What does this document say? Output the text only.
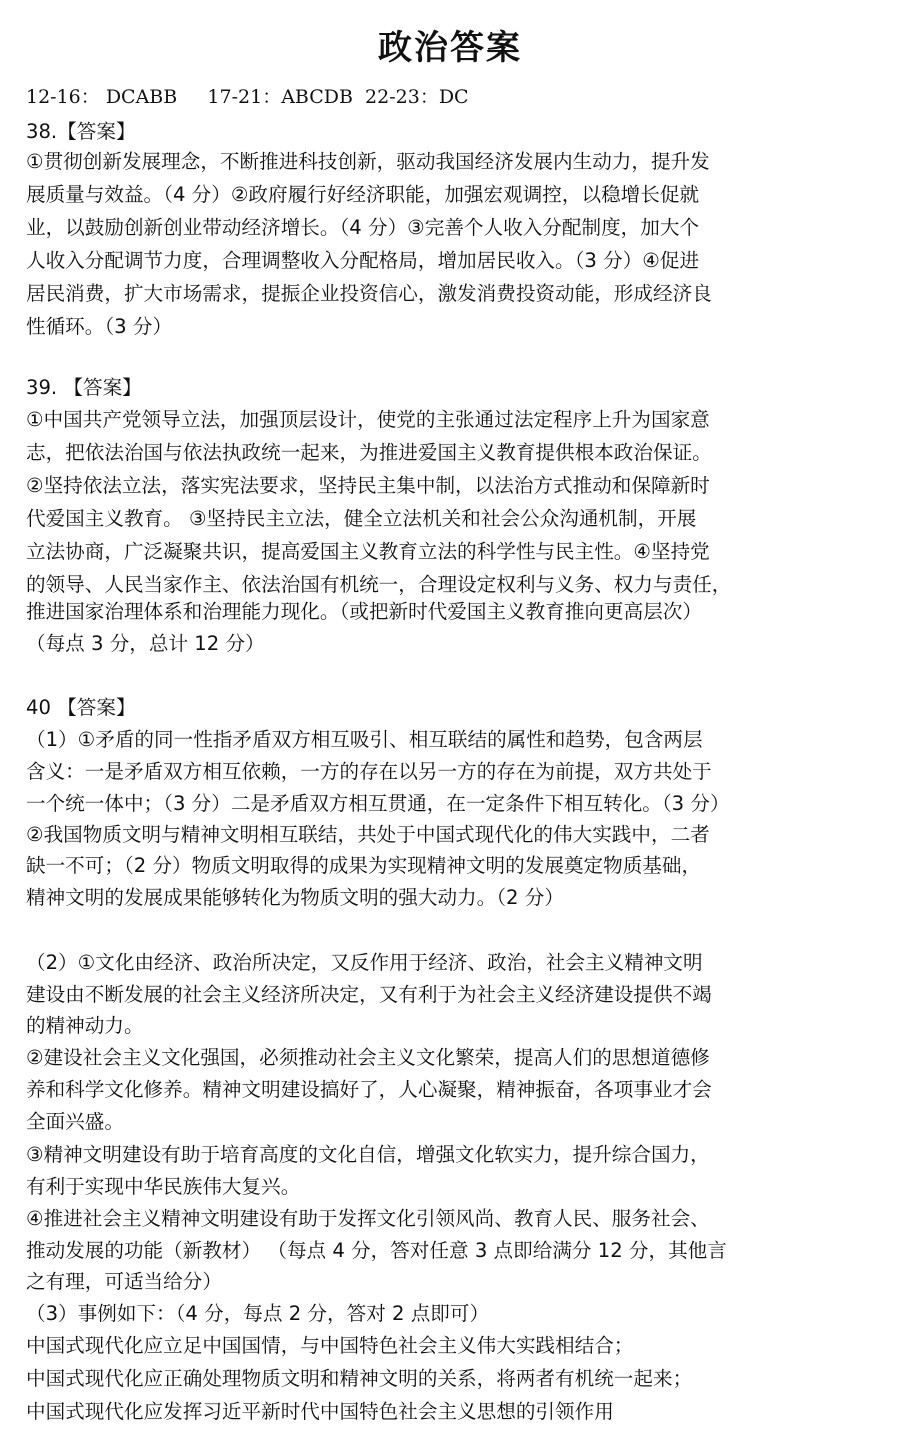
政治答案
12-16： DCABB     17-21：ABCDB  22-23：DC
38.【答案】
①贯彻创新发展理念，不断推进科技创新，驱动我国经济发展内生动力，提升发
展质量与效益。（4 分）②政府履行好经济职能，加强宏观调控，以稳增长促就
业，以鼓励创新创业带动经济增长。（4 分）③完善个人收入分配制度，加大个
人收入分配调节力度，合理调整收入分配格局，增加居民收入。（3 分）④促进
居民消费，扩大市场需求，提振企业投资信心，激发消费投资动能，形成经济良
性循环。（3 分）
39. 【答案】
①中国共产党领导立法，加强顶层设计，使党的主张通过法定程序上升为国家意
志，把依法治国与依法执政统一起来，为推进爱国主义教育提供根本政治保证。
②坚持依法立法，落实宪法要求，坚持民主集中制，以法治方式推动和保障新时
代爱国主义教育。 ③坚持民主立法，健全立法机关和社会公众沟通机制，开展
立法协商，广泛凝聚共识，提高爱国主义教育立法的科学性与民主性。④坚持党
的领导、人民当家作主、依法治国有机统一，合理设定权利与义务、权力与责任，
推进国家治理体系和治理能力现化。（或把新时代爱国主义教育推向更高层次）
（每点 3 分，总计 12 分）
40 【答案】
（1）①矛盾的同一性指矛盾双方相互吸引、相互联结的属性和趋势，包含两层
含义：一是矛盾双方相互依赖，一方的存在以另一方的存在为前提，双方共处于
一个统一体中；（3 分）二是矛盾双方相互贯通，在一定条件下相互转化。（3 分）
②我国物质文明与精神文明相互联结，共处于中国式现代化的伟大实践中，二者
缺一不可；（2 分）物质文明取得的成果为实现精神文明的发展奠定物质基础，
精神文明的发展成果能够转化为物质文明的强大动力。（2 分）
（2）①文化由经济、政治所决定，又反作用于经济、政治，社会主义精神文明
建设由不断发展的社会主义经济所决定，又有利于为社会主义经济建设提供不竭
的精神动力。
②建设社会主义文化强国，必须推动社会主义文化繁荣，提高人们的思想道德修
养和科学文化修养。精神文明建设搞好了，人心凝聚，精神振奋，各项事业才会
全面兴盛。
③精神文明建设有助于培育高度的文化自信，增强文化软实力，提升综合国力，
有利于实现中华民族伟大复兴。
④推进社会主义精神文明建设有助于发挥文化引领风尚、教育人民、服务社会、
推动发展的功能（新教材） （每点 4 分，答对任意 3 点即给满分 12 分，其他言
之有理，可适当给分）
（3）事例如下：（4 分，每点 2 分，答对 2 点即可）
中国式现代化应立足中国国情，与中国特色社会主义伟大实践相结合；
中国式现代化应正确处理物质文明和精神文明的关系，将两者有机统一起来；
中国式现代化应发挥习近平新时代中国特色社会主义思想的引领作用
